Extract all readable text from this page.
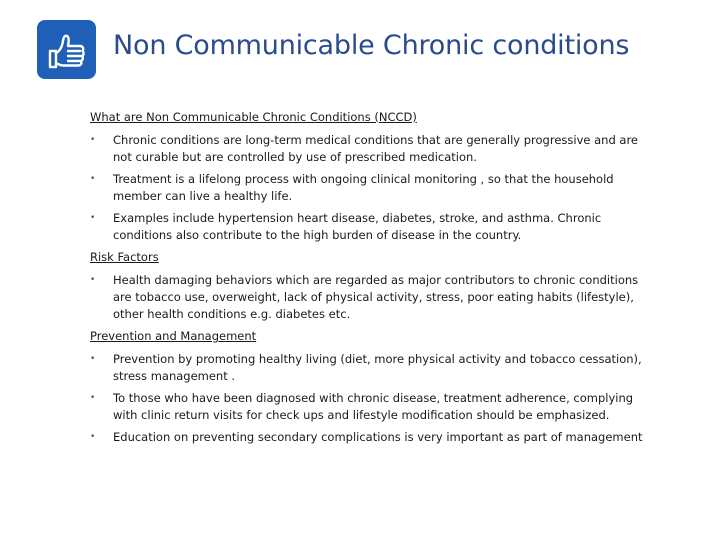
Non Communicable Chronic conditions
What are Non Communicable Chronic Conditions (NCCD)
• Chronic conditions are long-term medical conditions that are generally progressive and are not curable but are controlled by use of prescribed medication.
• Treatment is a lifelong process with ongoing clinical monitoring , so that the household member can live a healthy life.
• Examples include hypertension heart disease, diabetes, stroke, and asthma. Chronic conditions also contribute to the high burden of disease in the country.
Risk Factors
• Health damaging behaviors which are regarded as major contributors to chronic conditions are tobacco use, overweight, lack of physical activity, stress, poor eating habits (lifestyle), other health conditions e.g. diabetes etc.
Prevention and Management
• Prevention by promoting healthy living (diet, more physical activity and tobacco cessation), stress management .
• To those who have been diagnosed with chronic disease, treatment adherence, complying with clinic return visits for check ups and lifestyle modification should be emphasized.
• Education on preventing secondary complications is very important as part of management
